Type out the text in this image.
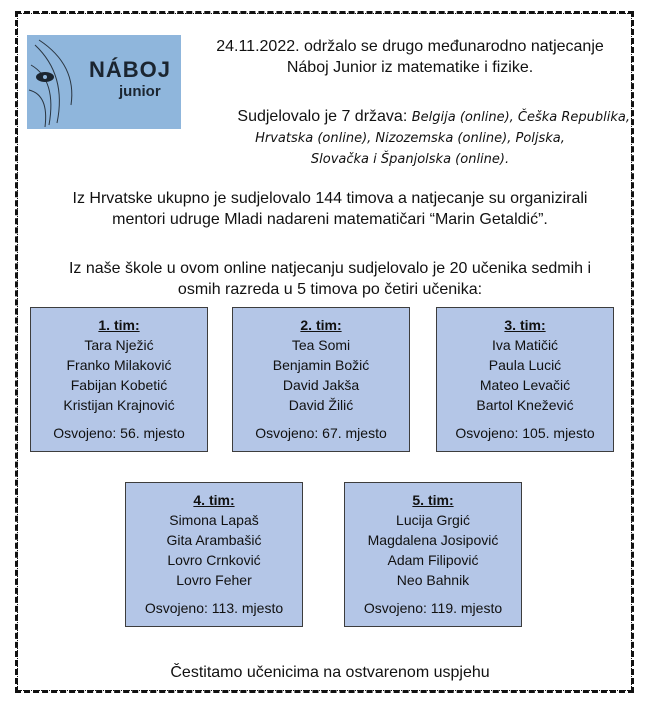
NÁBOJ
junior
24.11.2022. održalo se drugo međunarodno natjecanje
Náboj Junior iz matematike i fizike.
Sudjelovalo je 7 država: Belgija (online), Češka Republika,
Hrvatska (online), Nizozemska (online), Poljska,
Slovačka i Španjolska (online).
Iz Hrvatske ukupno je sudjelovalo 144 timova a natjecanje su organizirali
mentori udruge Mladi nadareni matematičari “Marin Getaldić”.
Iz naše škole u ovom online natjecanju sudjelovalo je 20 učenika sedmih i
osmih razreda u 5 timova po četiri učenika:
1. tim:
Tara Nježić
Franko Milaković
Fabijan Kobetić
Kristijan Krajnović
Osvojeno: 56. mjesto
2. tim:
Tea Somi
Benjamin Božić
David Jakša
David Žilić
Osvojeno: 67. mjesto
3. tim:
Iva Matičić
Paula Lucić
Mateo Levačić
Bartol Knežević
Osvojeno: 105. mjesto
4. tim:
Simona Lapaš
Gita Arambašić
Lovro Crnković
Lovro Feher
Osvojeno: 113. mjesto
5. tim:
Lucija Grgić
Magdalena Josipović
Adam Filipović
Neo Bahnik
Osvojeno: 119. mjesto
Čestitamo učenicima na ostvarenom uspjehu
